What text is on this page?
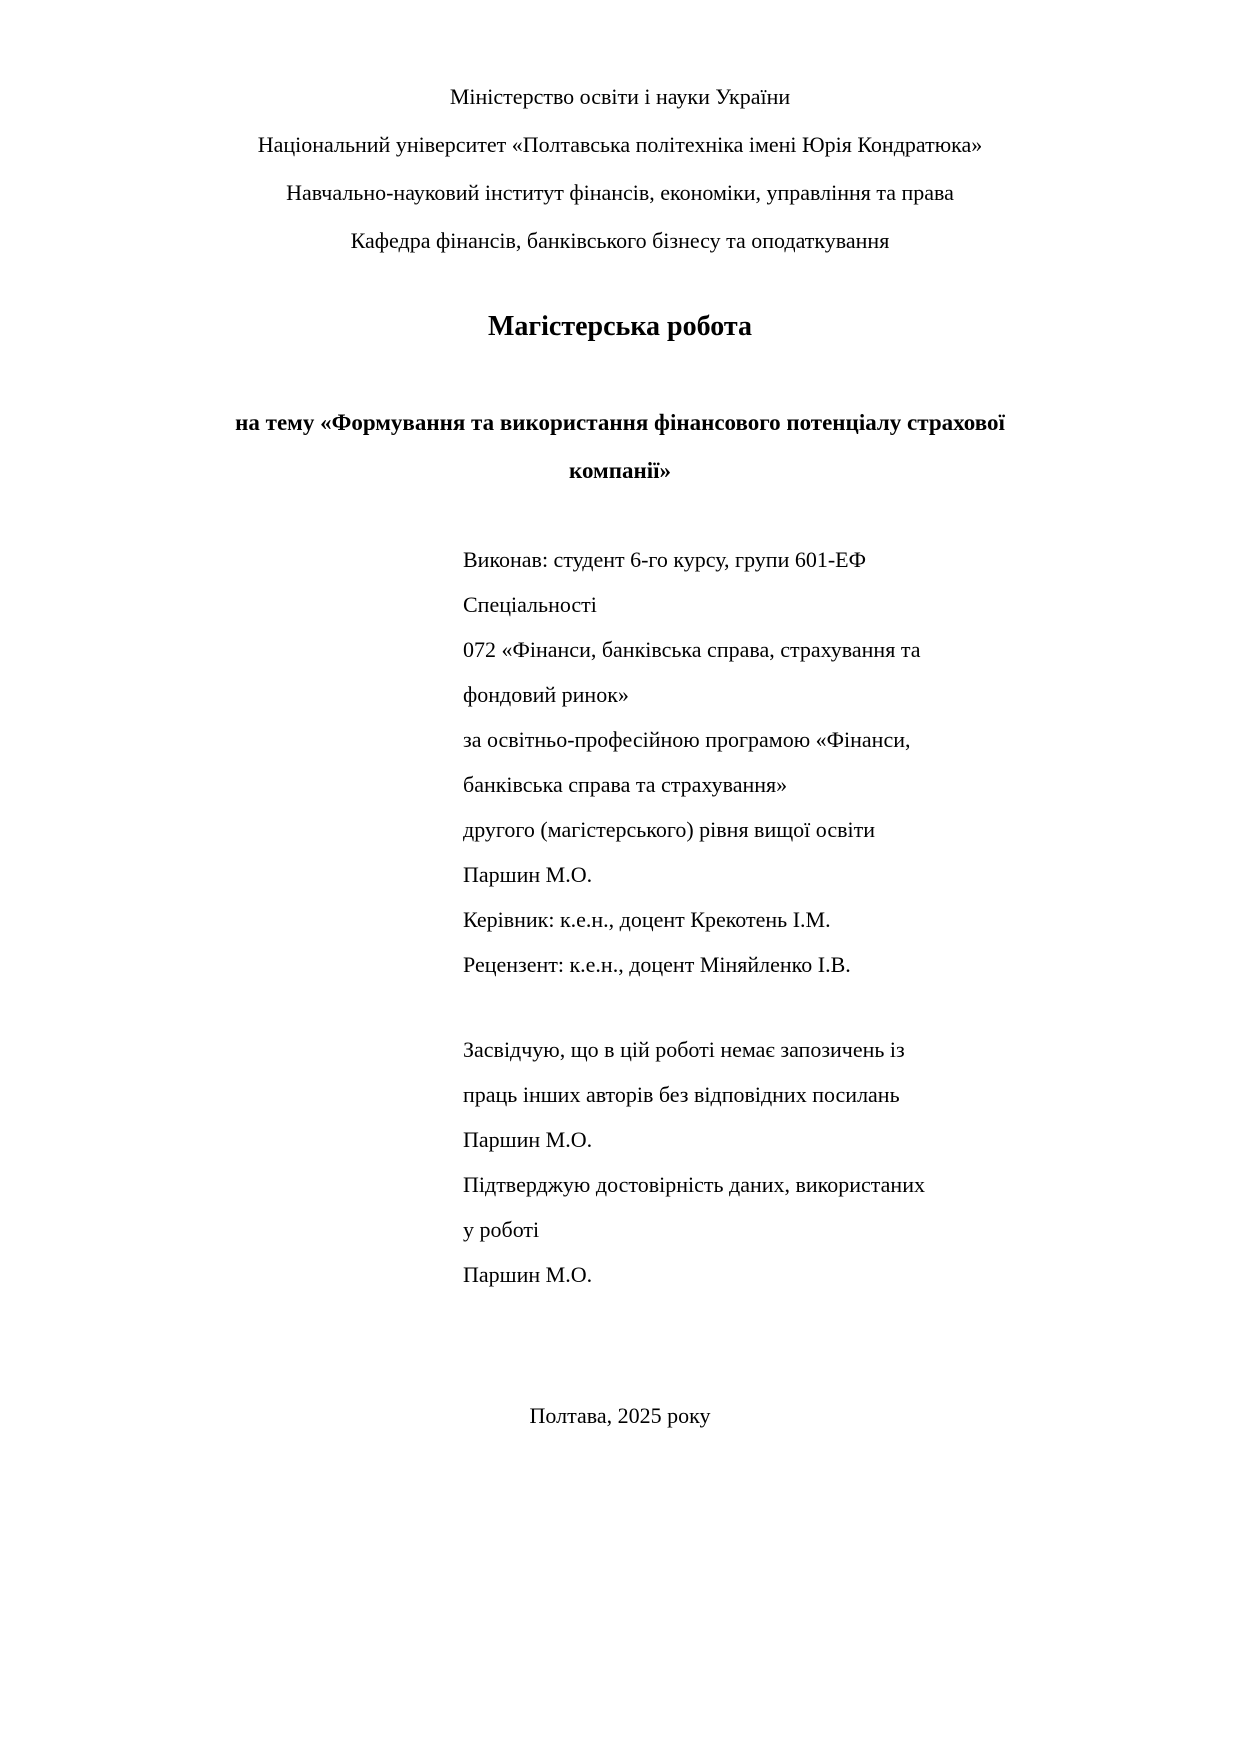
Міністерство освіти і науки України

Національний університет «Полтавська політехніка імені Юрія Кондратюка»

Навчально-науковий інститут фінансів, економіки, управління та права

Кафедра фінансів, банківського бізнесу та оподаткування

Магістерська робота

на тему «Формування та використання фінансового потенціалу страхової

компанії»

Виконав: студент 6-го курсу, групи 601-ЕФ

Спеціальності

072 «Фінанси, банківська справа, страхування та

фондовий ринок»

за освітньо-професійною програмою «Фінанси,

банківська справа та страхування»

другого (магістерського) рівня вищої освіти

Паршин М.О.

Керівник: к.е.н., доцент Крекотень І.М.

Рецензент: к.е.н., доцент Міняйленко І.В.

Засвідчую, що в цій роботі немає запозичень із

праць інших авторів без відповідних посилань

Паршин М.О.

Підтверджую достовірність даних, використаних

у роботі

Паршин М.О.

Полтава, 2025 року
